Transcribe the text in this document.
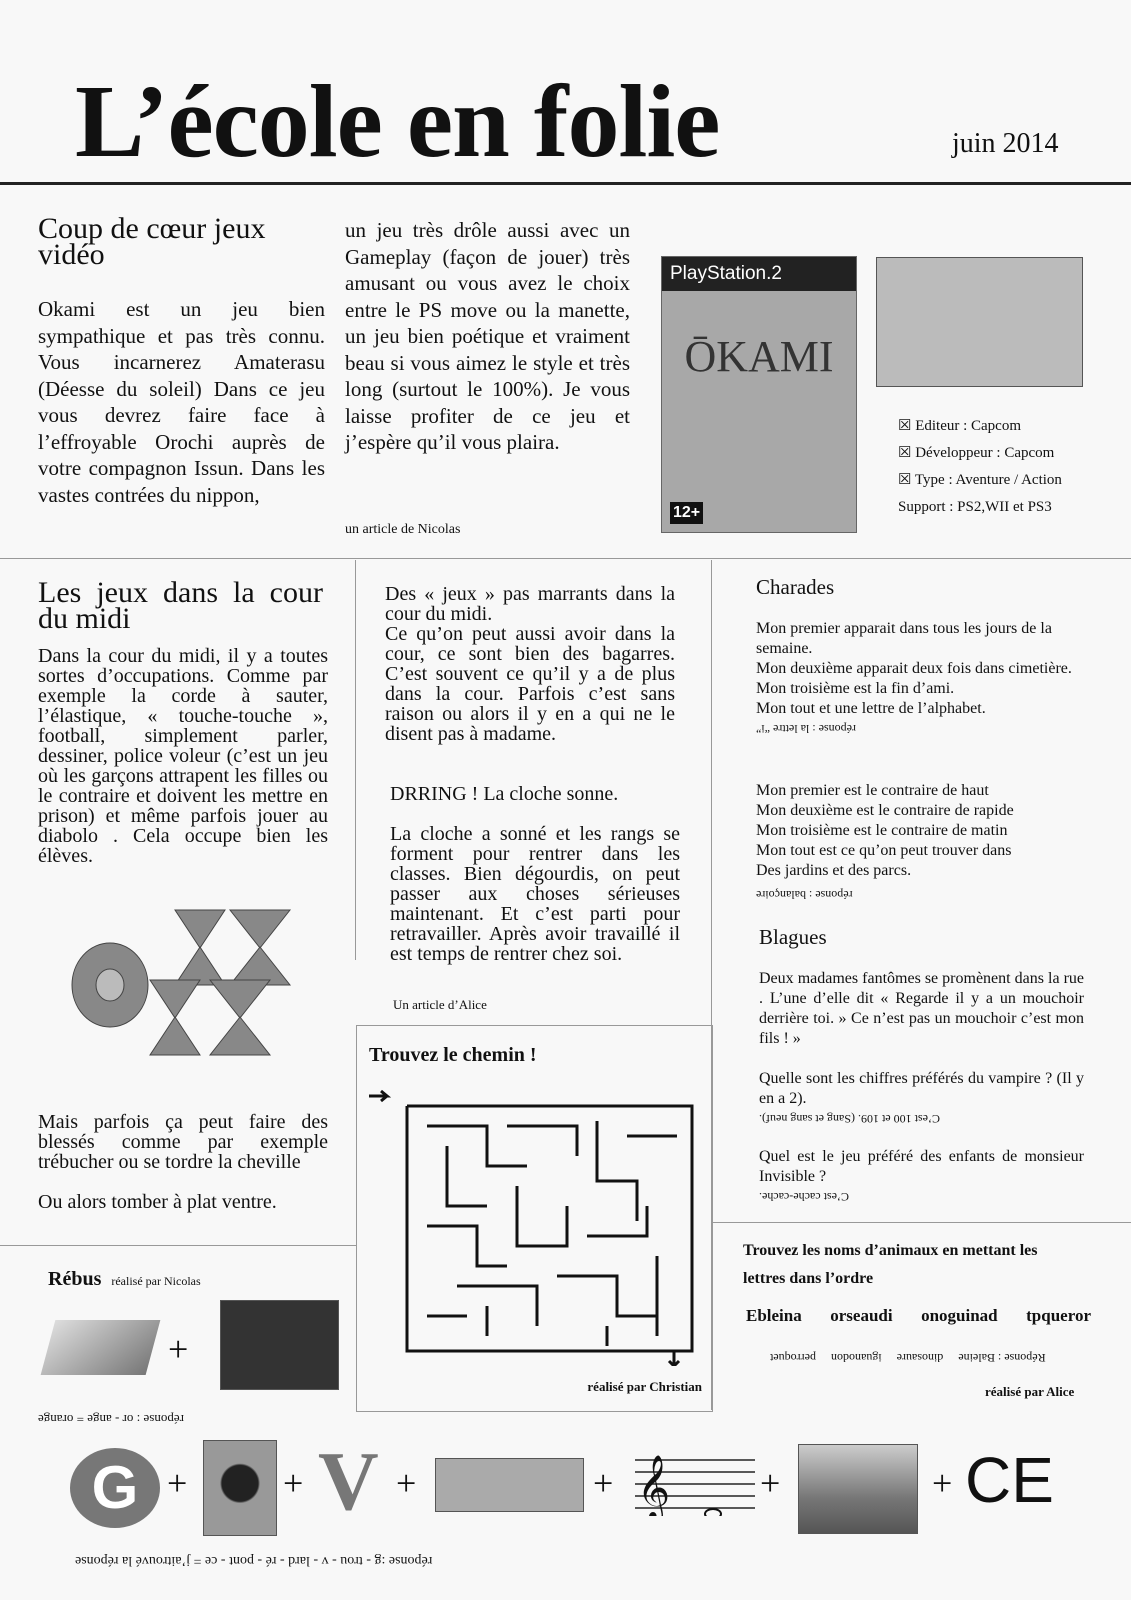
L’école en folie	juin 2014
Coup de cœur jeux vidéo
Okami est un jeu bien sympathique et pas très connu. Vous incarnerez Amaterasu (Déesse du soleil) Dans ce jeu vous devrez faire face à l’effroyable Orochi auprès de votre compagnon Issun. Dans les vastes contrées du nippon,
un jeu très drôle aussi avec un Gameplay (façon de jouer) très amusant ou vous avez le choix entre le PS move ou la manette, un jeu bien poétique et vraiment beau si vous aimez le style et très long (surtout le 100%). Je vous laisse profiter de ce jeu et j’espère qu’il vous plaira.
un article de Nicolas
PlayStation.2
ŌKAMI
12+
☒ Editeur : Capcom
☒ Développeur : Capcom
☒ Type : Aventure / Action
Support : PS2,WII et PS3
Les jeux dans la cour du midi
Dans la cour du midi, il y a toutes sortes d’occupations. Comme par exemple la corde à sauter, l’élastique, « touche-touche », football, simplement parler, dessiner, police voleur (c’est un jeu où les garçons attrapent les filles ou le contraire et doivent les mettre en prison) et même parfois jouer au diabolo . Cela occupe bien les élèves.
Mais parfois ça peut faire des blessés comme par exemple trébucher ou se tordre la cheville
Ou alors tomber à plat ventre.
Des « jeux » pas marrants dans la cour du midi.
Ce qu’on peut aussi avoir dans la cour, ce sont bien des bagarres. C’est souvent ce qu’il y a de plus dans la cour. Parfois c’est sans raison ou alors il y en a qui ne le disent pas à madame.
DRRING ! La cloche sonne.
La cloche a sonné et les rangs se forment pour rentrer dans les classes. Bien dégourdis, on peut passer aux choses sérieuses maintenant. Et c’est parti pour retravailler. Après avoir travaillé il est temps de rentrer chez soi.
Un article d’Alice
Trouvez le chemin !
réalisé par Christian
Charades
Mon premier apparait dans tous les jours de la semaine.
Mon deuxième apparait deux fois dans cimetière.
Mon troisième est la fin d’ami.
Mon tout et une lettre de l’alphabet.
réponse : la lettre “i”
Mon premier est le contraire de haut
Mon deuxième est le contraire de rapide
Mon troisième est le contraire de matin
Mon tout est ce qu’on peut trouver dans
Des jardins et des parcs.
réponse : balançoire
Blagues

Deux madames fantômes se promènent dans la rue . L’une d’elle dit « Regarde il y a un mouchoir derrière toi. » Ce n’est pas un mouchoir c’est mon fils ! »

Quelle sont les chiffres préférés du vampire ? (Il y en a 2).

C’est 100 et 109. (Sang et sang neuf).

Quel est le jeu préféré des enfants de monsieur Invisible ?

C’est cache-cache.
Trouvez les noms d’animaux en mettant les lettres dans l’ordre
Ebleina orseaudi onoguinad tpqueror
Réponse : Baleine     dinosaure     iguanodon     perroquet
réalisé par Alice
Rébus réalisé par Nicolas
+
réponse : or - ange = orange
G +	+ V +	+ 𝄞 +	+ CE
réponse :g - trou - v - lard - ré - pont - ce = j’aitrouvé la réponse
